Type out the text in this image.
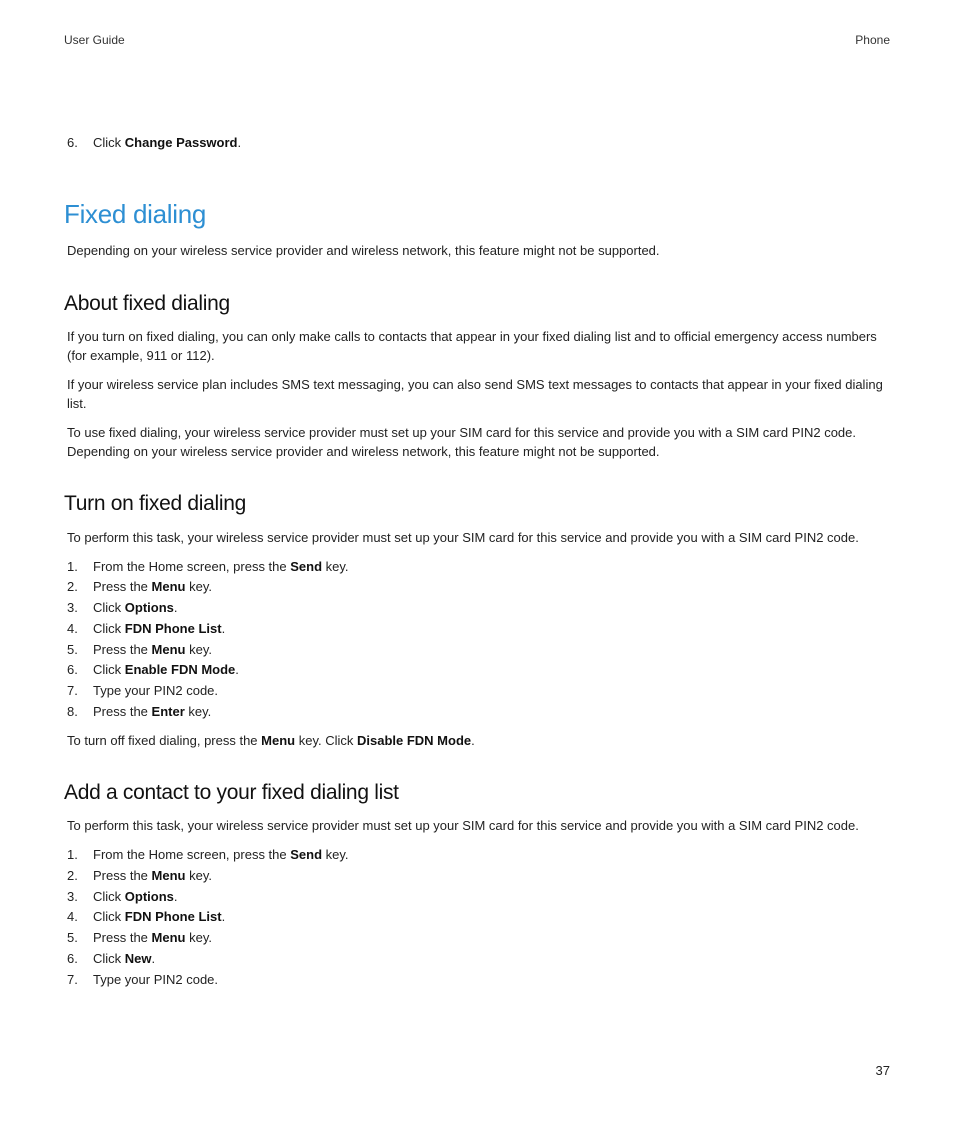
User Guide	Phone
6. Click Change Password.
Fixed dialing

Depending on your wireless service provider and wireless network, this feature might not be supported.

About fixed dialing

If you turn on fixed dialing, you can only make calls to contacts that appear in your fixed dialing list and to official emergency access numbers (for example, 911 or 112).

If your wireless service plan includes SMS text messaging, you can also send SMS text messages to contacts that appear in your fixed dialing list.

To use fixed dialing, your wireless service provider must set up your SIM card for this service and provide you with a SIM card PIN2 code. Depending on your wireless service provider and wireless network, this feature might not be supported.

Turn on fixed dialing

To perform this task, your wireless service provider must set up your SIM card for this service and provide you with a SIM card PIN2 code.

1. From the Home screen, press the Send key.
2. Press the Menu key.
3. Click Options.
4. Click FDN Phone List.
5. Press the Menu key.
6. Click Enable FDN Mode.
7. Type your PIN2 code.
8. Press the Enter key.

To turn off fixed dialing, press the Menu key. Click Disable FDN Mode.

Add a contact to your fixed dialing list

To perform this task, your wireless service provider must set up your SIM card for this service and provide you with a SIM card PIN2 code.

1. From the Home screen, press the Send key.
2. Press the Menu key.
3. Click Options.
4. Click FDN Phone List.
5. Press the Menu key.
6. Click New.
7. Type your PIN2 code.
37
